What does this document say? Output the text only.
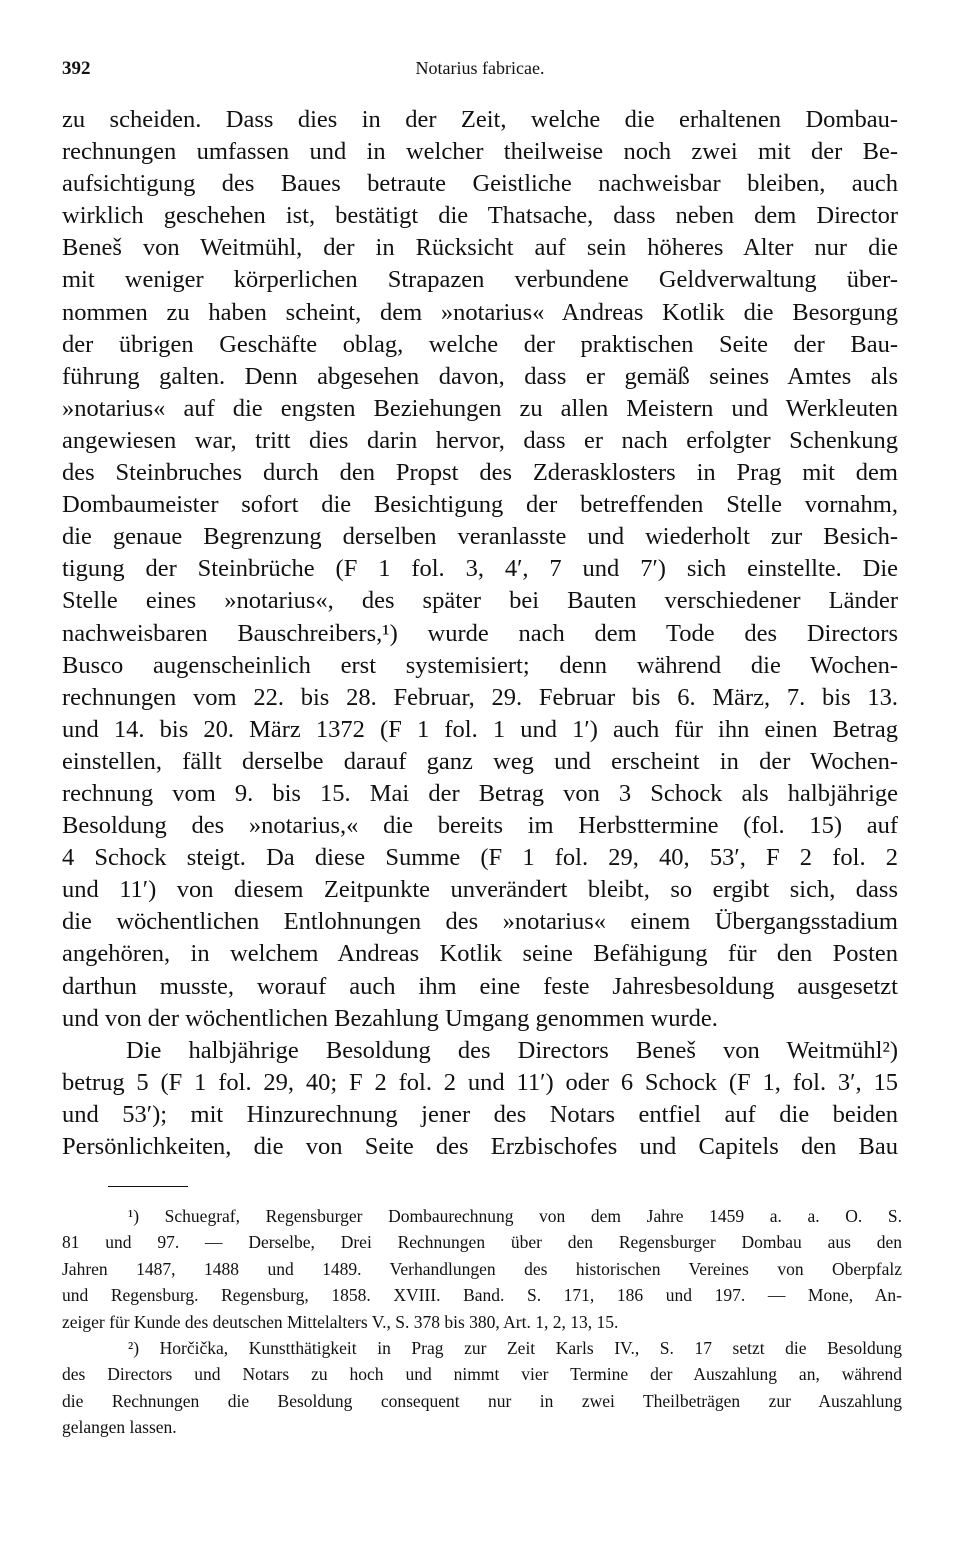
392	Notarius fabricae.
zu scheiden. Dass dies in der Zeit, welche die erhaltenen Dombau-
rechnungen umfassen und in welcher theilweise noch zwei mit der Be-
aufsichtigung des Baues betraute Geistliche nachweisbar bleiben, auch
wirklich geschehen ist, bestätigt die Thatsache, dass neben dem Director
Beneš von Weitmühl, der in Rücksicht auf sein höheres Alter nur die
mit weniger körperlichen Strapazen verbundene Geldverwaltung über-
nommen zu haben scheint, dem »notarius« Andreas Kotlik die Besorgung
der übrigen Geschäfte oblag, welche der praktischen Seite der Bau-
führung galten. Denn abgesehen davon, dass er gemäß seines Amtes als
»notarius« auf die engsten Beziehungen zu allen Meistern und Werkleuten
angewiesen war, tritt dies darin hervor, dass er nach erfolgter Schenkung
des Steinbruches durch den Propst des Zderasklosters in Prag mit dem
Dombaumeister sofort die Besichtigung der betreffenden Stelle vornahm,
die genaue Begrenzung derselben veranlasste und wiederholt zur Besich-
tigung der Steinbrüche (F 1 fol. 3, 4′, 7 und 7′) sich einstellte. Die
Stelle eines »notarius«, des später bei Bauten verschiedener Länder
nachweisbaren Bauschreibers,¹) wurde nach dem Tode des Directors
Busco augenscheinlich erst systemisiert; denn während die Wochen-
rechnungen vom 22. bis 28. Februar, 29. Februar bis 6. März, 7. bis 13.
und 14. bis 20. März 1372 (F 1 fol. 1 und 1′) auch für ihn einen Betrag
einstellen, fällt derselbe darauf ganz weg und erscheint in der Wochen-
rechnung vom 9. bis 15. Mai der Betrag von 3 Schock als halbjährige
Besoldung des »notarius,« die bereits im Herbsttermine (fol. 15) auf
4 Schock steigt. Da diese Summe (F 1 fol. 29, 40, 53′, F 2 fol. 2
und 11′) von diesem Zeitpunkte unverändert bleibt, so ergibt sich, dass
die wöchentlichen Entlohnungen des »notarius« einem Übergangsstadium
angehören, in welchem Andreas Kotlik seine Befähigung für den Posten
darthun musste, worauf auch ihm eine feste Jahresbesoldung ausgesetzt
und von der wöchentlichen Bezahlung Umgang genommen wurde.
Die halbjährige Besoldung des Directors Beneš von Weitmühl²)
betrug 5 (F 1 fol. 29, 40; F 2 fol. 2 und 11′) oder 6 Schock (F 1, fol. 3′, 15
und 53′); mit Hinzurechnung jener des Notars entfiel auf die beiden
Persönlichkeiten, die von Seite des Erzbischofes und Capitels den Bau
¹) Schuegraf, Regensburger Dombaurechnung von dem Jahre 1459 a. a. O. S.
81 und 97. — Derselbe, Drei Rechnungen über den Regensburger Dombau aus den
Jahren 1487, 1488 und 1489. Verhandlungen des historischen Vereines von Oberpfalz
und Regensburg. Regensburg, 1858. XVIII. Band. S. 171, 186 und 197. — Mone, An-
zeiger für Kunde des deutschen Mittelalters V., S. 378 bis 380, Art. 1, 2, 13, 15.
²) Horčička, Kunstthätigkeit in Prag zur Zeit Karls IV., S. 17 setzt die Besoldung
des Directors und Notars zu hoch und nimmt vier Termine der Auszahlung an, während
die Rechnungen die Besoldung consequent nur in zwei Theilbeträgen zur Auszahlung
gelangen lassen.
